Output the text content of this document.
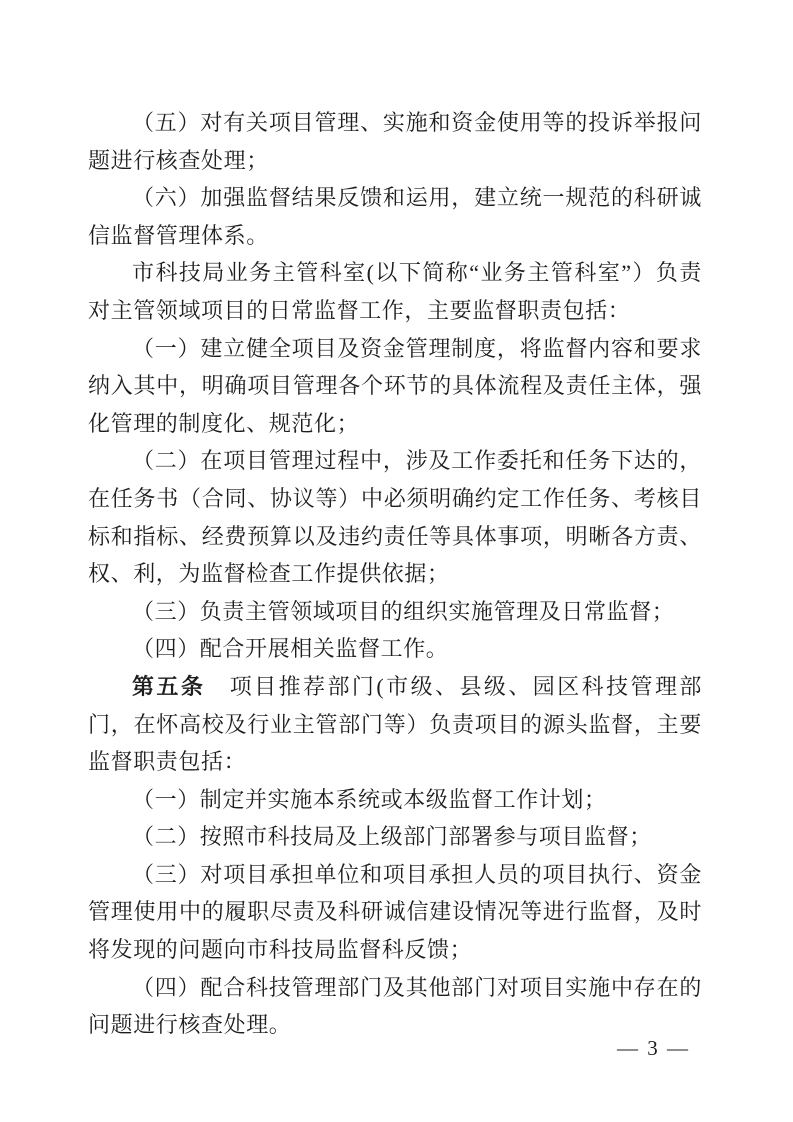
（五）对有关项目管理、实施和资金使用等的投诉举报问题进行核查处理；

（六）加强监督结果反馈和运用，建立统一规范的科研诚信监督管理体系。

市科技局业务主管科室(以下简称“业务主管科室”）负责对主管领域项目的日常监督工作，主要监督职责包括：

（一）建立健全项目及资金管理制度，将监督内容和要求纳入其中，明确项目管理各个环节的具体流程及责任主体，强化管理的制度化、规范化；

（二）在项目管理过程中，涉及工作委托和任务下达的，在任务书（合同、协议等）中必须明确约定工作任务、考核目标和指标、经费预算以及违约责任等具体事项，明晰各方责、权、利，为监督检查工作提供依据；

（三）负责主管领域项目的组织实施管理及日常监督；

（四）配合开展相关监督工作。

第五条　项目推荐部门(市级、县级、园区科技管理部门，在怀高校及行业主管部门等）负责项目的源头监督，主要监督职责包括：

（一）制定并实施本系统或本级监督工作计划；

（二）按照市科技局及上级部门部署参与项目监督；

（三）对项目承担单位和项目承担人员的项目执行、资金管理使用中的履职尽责及科研诚信建设情况等进行监督，及时将发现的问题向市科技局监督科反馈；

（四）配合科技管理部门及其他部门对项目实施中存在的问题进行核查处理。

— 3 —
